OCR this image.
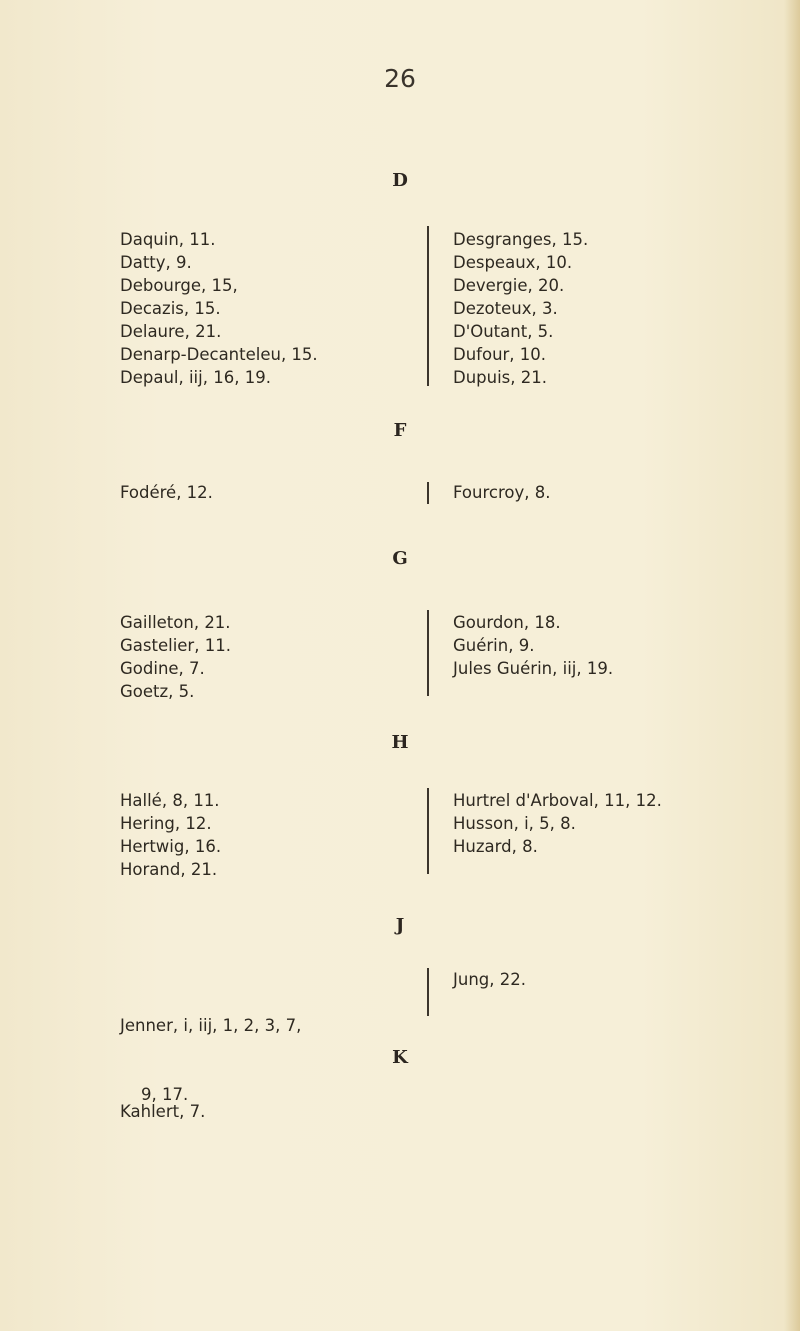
26
D
Daquin, 11.
Datty, 9.
Debourge, 15,
Decazis, 15.
Delaure, 21.
Denarp-Decanteleu, 15.
Depaul, iij, 16, 19.
Desgranges, 15.
Despeaux, 10.
Devergie, 20.
Dezoteux, 3.
D'Outant, 5.
Dufour, 10.
Dupuis, 21.
F
Fodéré, 12.	Fourcroy, 8.
G
Gailleton, 21.
Gastelier, 11.
Godine, 7.
Goetz, 5.
Gourdon, 18.
Guérin, 9.
Jules Guérin, iij, 19.
H
Hallé, 8, 11.
Hering, 12.
Hertwig, 16.
Horand, 21.
Hurtrel d'Arboval, 11, 12.
Husson, i, 5, 8.
Huzard, 8.
J

Jenner, i, iij, 1, 2, 3, 7,

9, 17.

Jung, 22.
K
Kahlert, 7.
